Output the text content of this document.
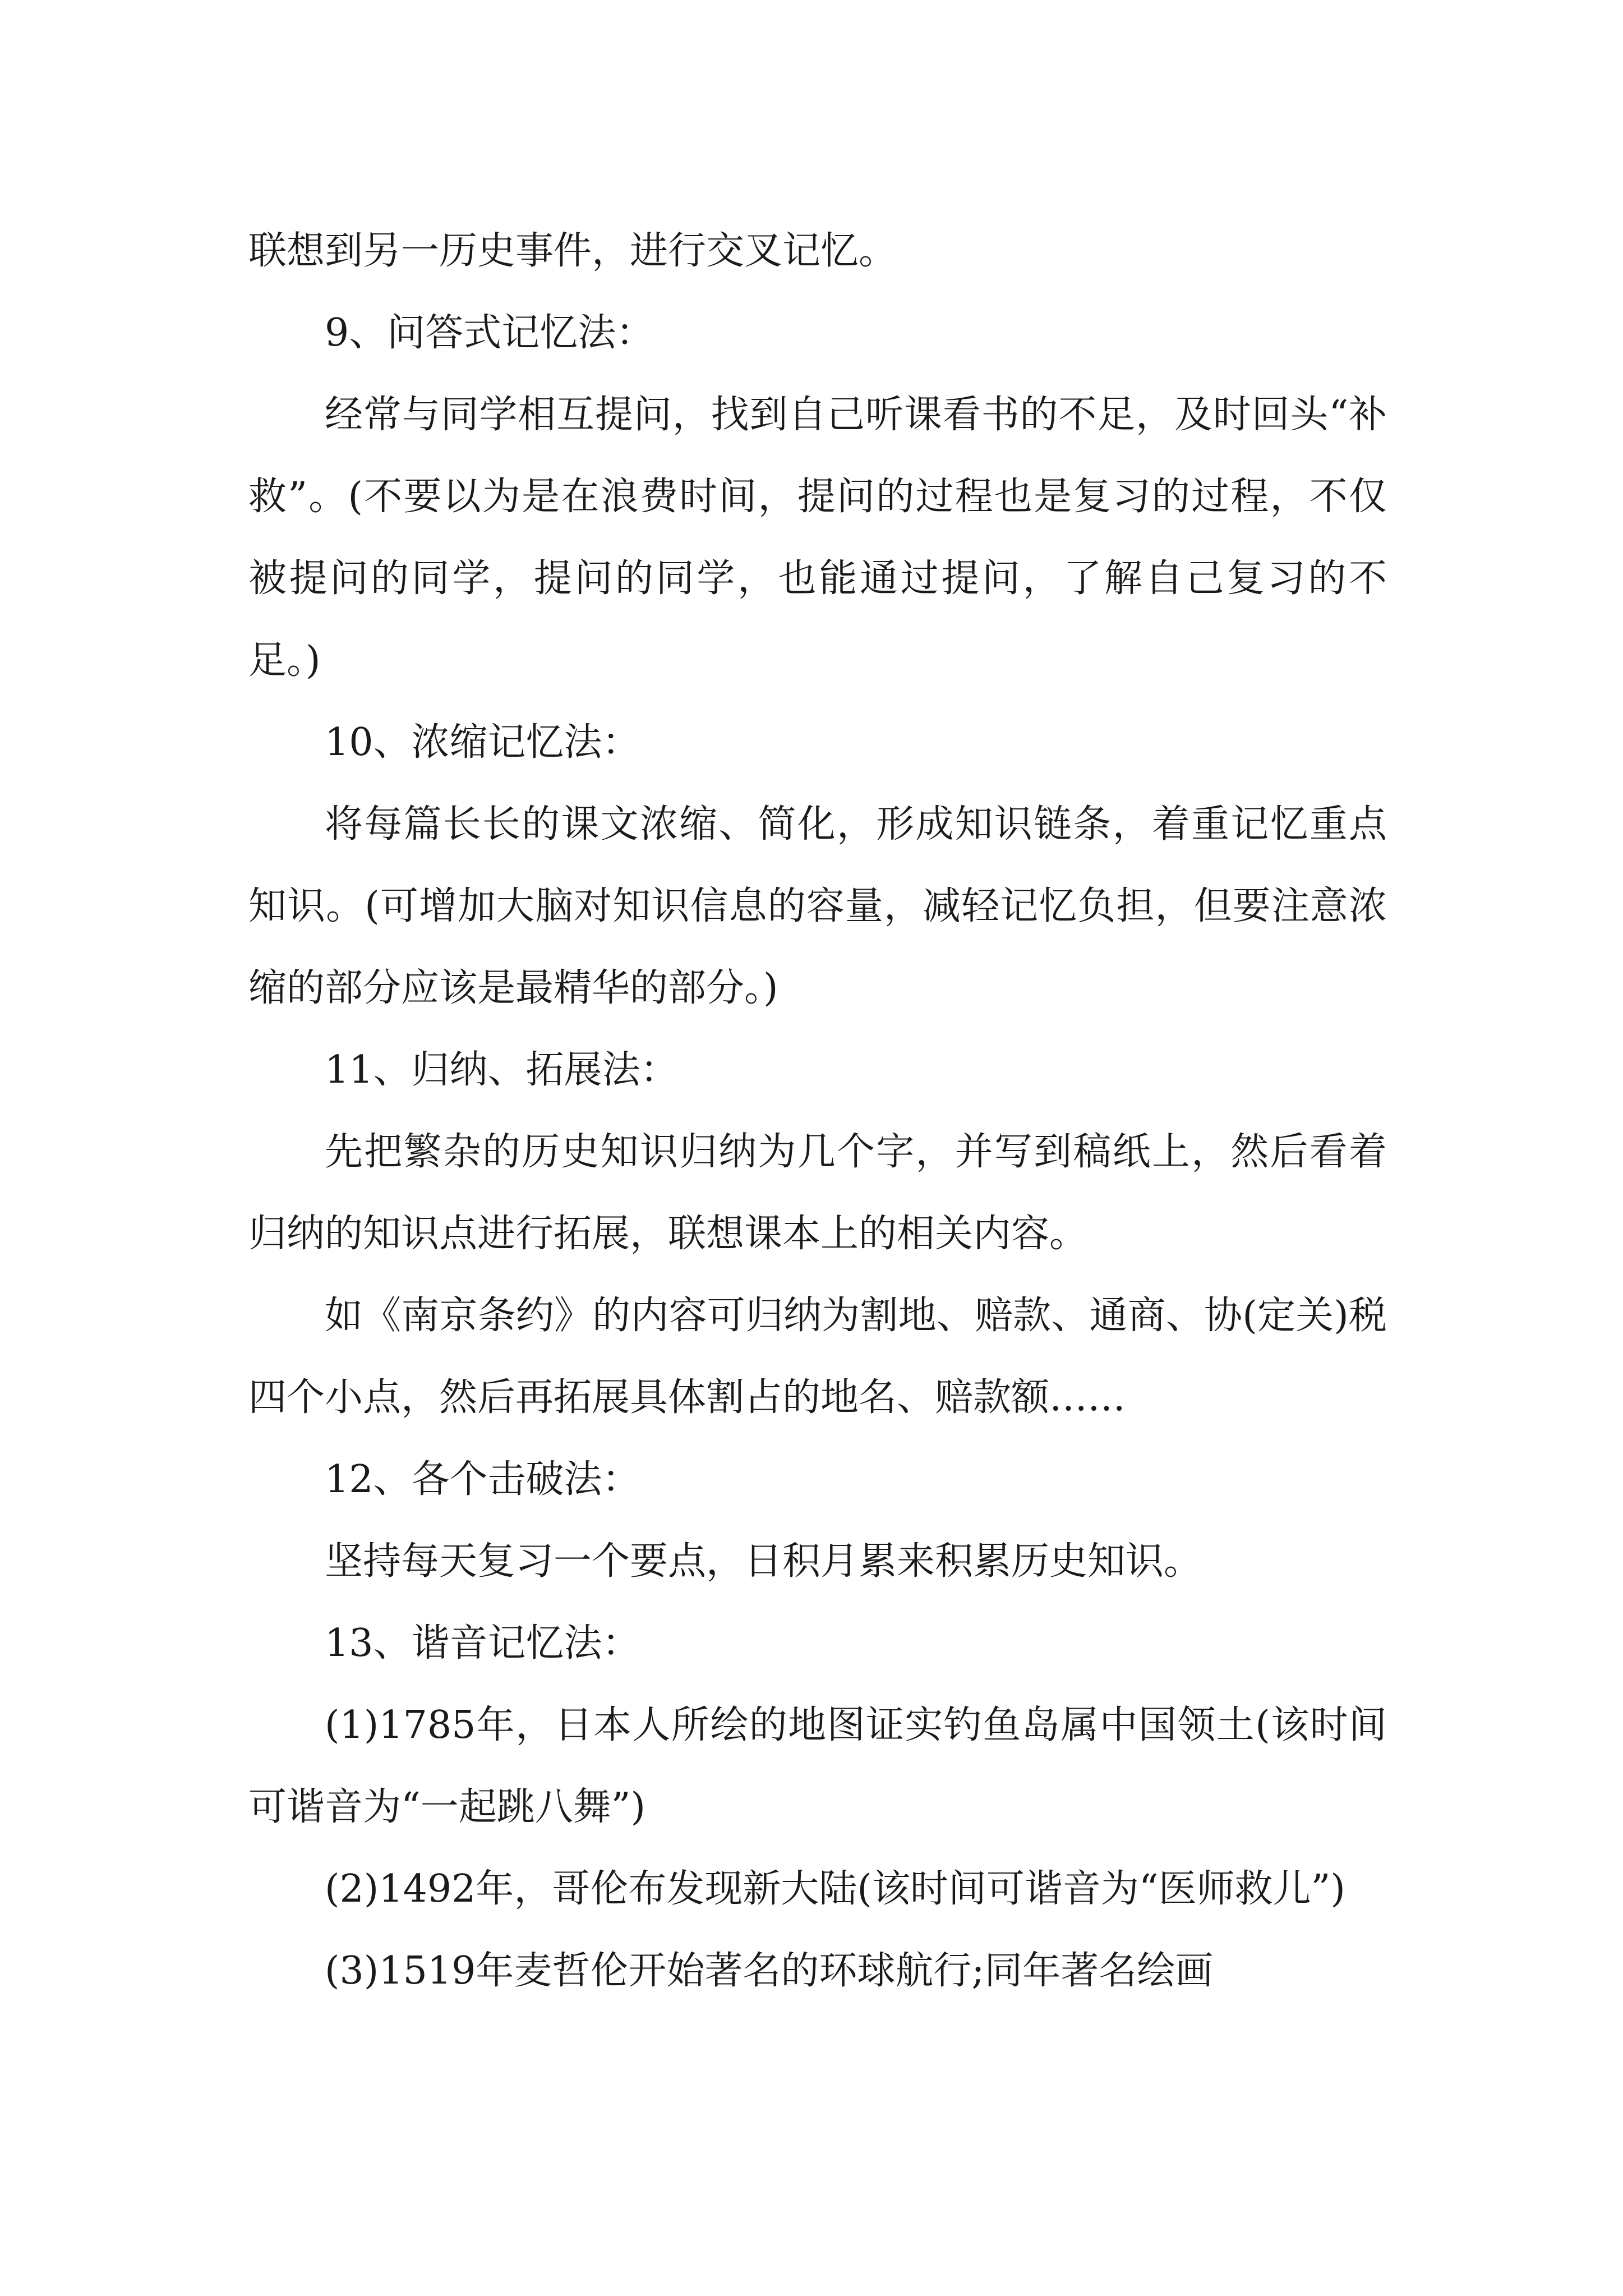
联想到另一历史事件，进行交叉记忆。

9、问答式记忆法：

经常与同学相互提问，找到自己听课看书的不足，及时回头“补救”。(不要以为是在浪费时间，提问的过程也是复习的过程，不仅被提问的同学，提问的同学，也能通过提问，了解自己复习的不足。)

10、浓缩记忆法：

将每篇长长的课文浓缩、简化，形成知识链条，着重记忆重点知识。(可增加大脑对知识信息的容量，减轻记忆负担，但要注意浓缩的部分应该是最精华的部分。)

11、归纳、拓展法：

先把繁杂的历史知识归纳为几个字，并写到稿纸上，然后看着归纳的知识点进行拓展，联想课本上的相关内容。

如《南京条约》的内容可归纳为割地、赔款、通商、协(定关)税四个小点，然后再拓展具体割占的地名、赔款额……

12、各个击破法：

坚持每天复习一个要点，日积月累来积累历史知识。

13、谐音记忆法：

(1)1785年，日本人所绘的地图证实钓鱼岛属中国领土(该时间可谐音为“一起跳八舞”)

(2)1492年，哥伦布发现新大陆(该时间可谐音为“医师救儿”)

(3)1519年麦哲伦开始著名的环球航行;同年著名绘画
